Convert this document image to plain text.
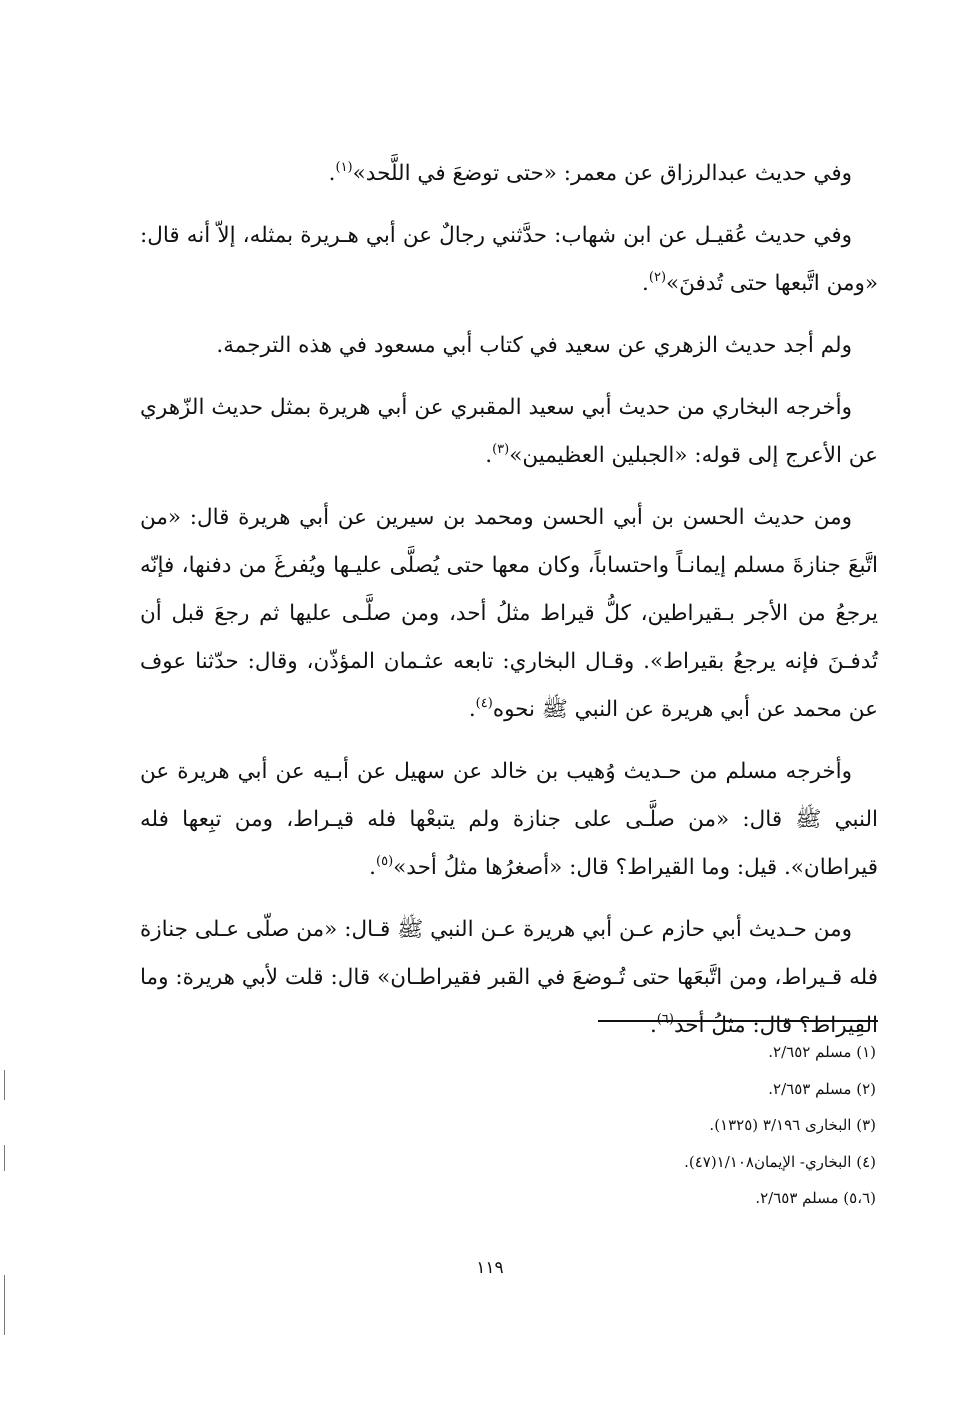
وفي حديث عبدالرزاق عن معمر: «حتى توضعَ في اللَّحد»$^{(١)}$.

وفي حديث عُقيـل عن ابن شهاب: حدَّثني رجالٌ عن أبي هـريرة بمثله، إلاّ أنه قال: «ومن اتَّبعها حتى تُدفنَ»$^{(٢)}$.

ولم أجد حديث الزهري عن سعيد في كتاب أبي مسعود في هذه الترجمة.

وأخرجه البخاري من حديث أبي سعيد المقبري عن أبي هريرة بمثل حديث الزّهري عن الأعرج إلى قوله: «الجبلين العظيمين»$^{(٣)}$.

ومن حديث الحسن بن أبي الحسن ومحمد بن سيرين عن أبي هريرة قال: «من اتَّبعَ جنازةَ مسلم إيمانـاً واحتساباً، وكان معها حتى يُصلَّى عليـها ويُفرغَ من دفنها، فإنّه يرجعُ من الأجر بـقيراطين، كلُّ قيراط مثلُ أحد، ومن صلَّـى عليها ثم رجعَ قبل أن تُدفـنَ فإنه يرجعُ بقيراط». وقـال البخاري: تابعه عثـمان المؤذّن، وقال: حدّثنا عوف عن محمد عن أبي هريرة عن النبي ﷺ نحوه$^{(٤)}$.

وأخرجه مسلم من حـديث وُهيب بن خالد عن سهيل عن أبـيه عن أبي هريرة عن النبي ﷺ قال: «من صلَّـى على جنازة ولم يتبعْها فله قيـراط، ومن تبِعها فله قيراطان». قيل: وما القيراط؟ قال: «أصغرُها مثلُ أحد»$^{(٥)}$.

ومن حـديث أبي حازم عـن أبي هريرة عـن النبي ﷺ قـال: «من صلّى عـلى جنازة فله قـيراط، ومن اتَّبعَها حتى تُـوضعَ في القبر فقيراطـان» قال: قلت لأبي هريرة: وما القِيراط؟ قال: مثلُ أحد$^{(٦)}$.

(١) مسلم ٢/٦٥٢.
(٢) مسلم ٢/٦٥٣.
(٣) البخارى ٣/١٩٦ (١٣٢٥).
(٤) البخاري- الإيمان١/١٠٨(٤٧).
(٥،٦) مسلم ٢/٦٥٣.
١١٩
